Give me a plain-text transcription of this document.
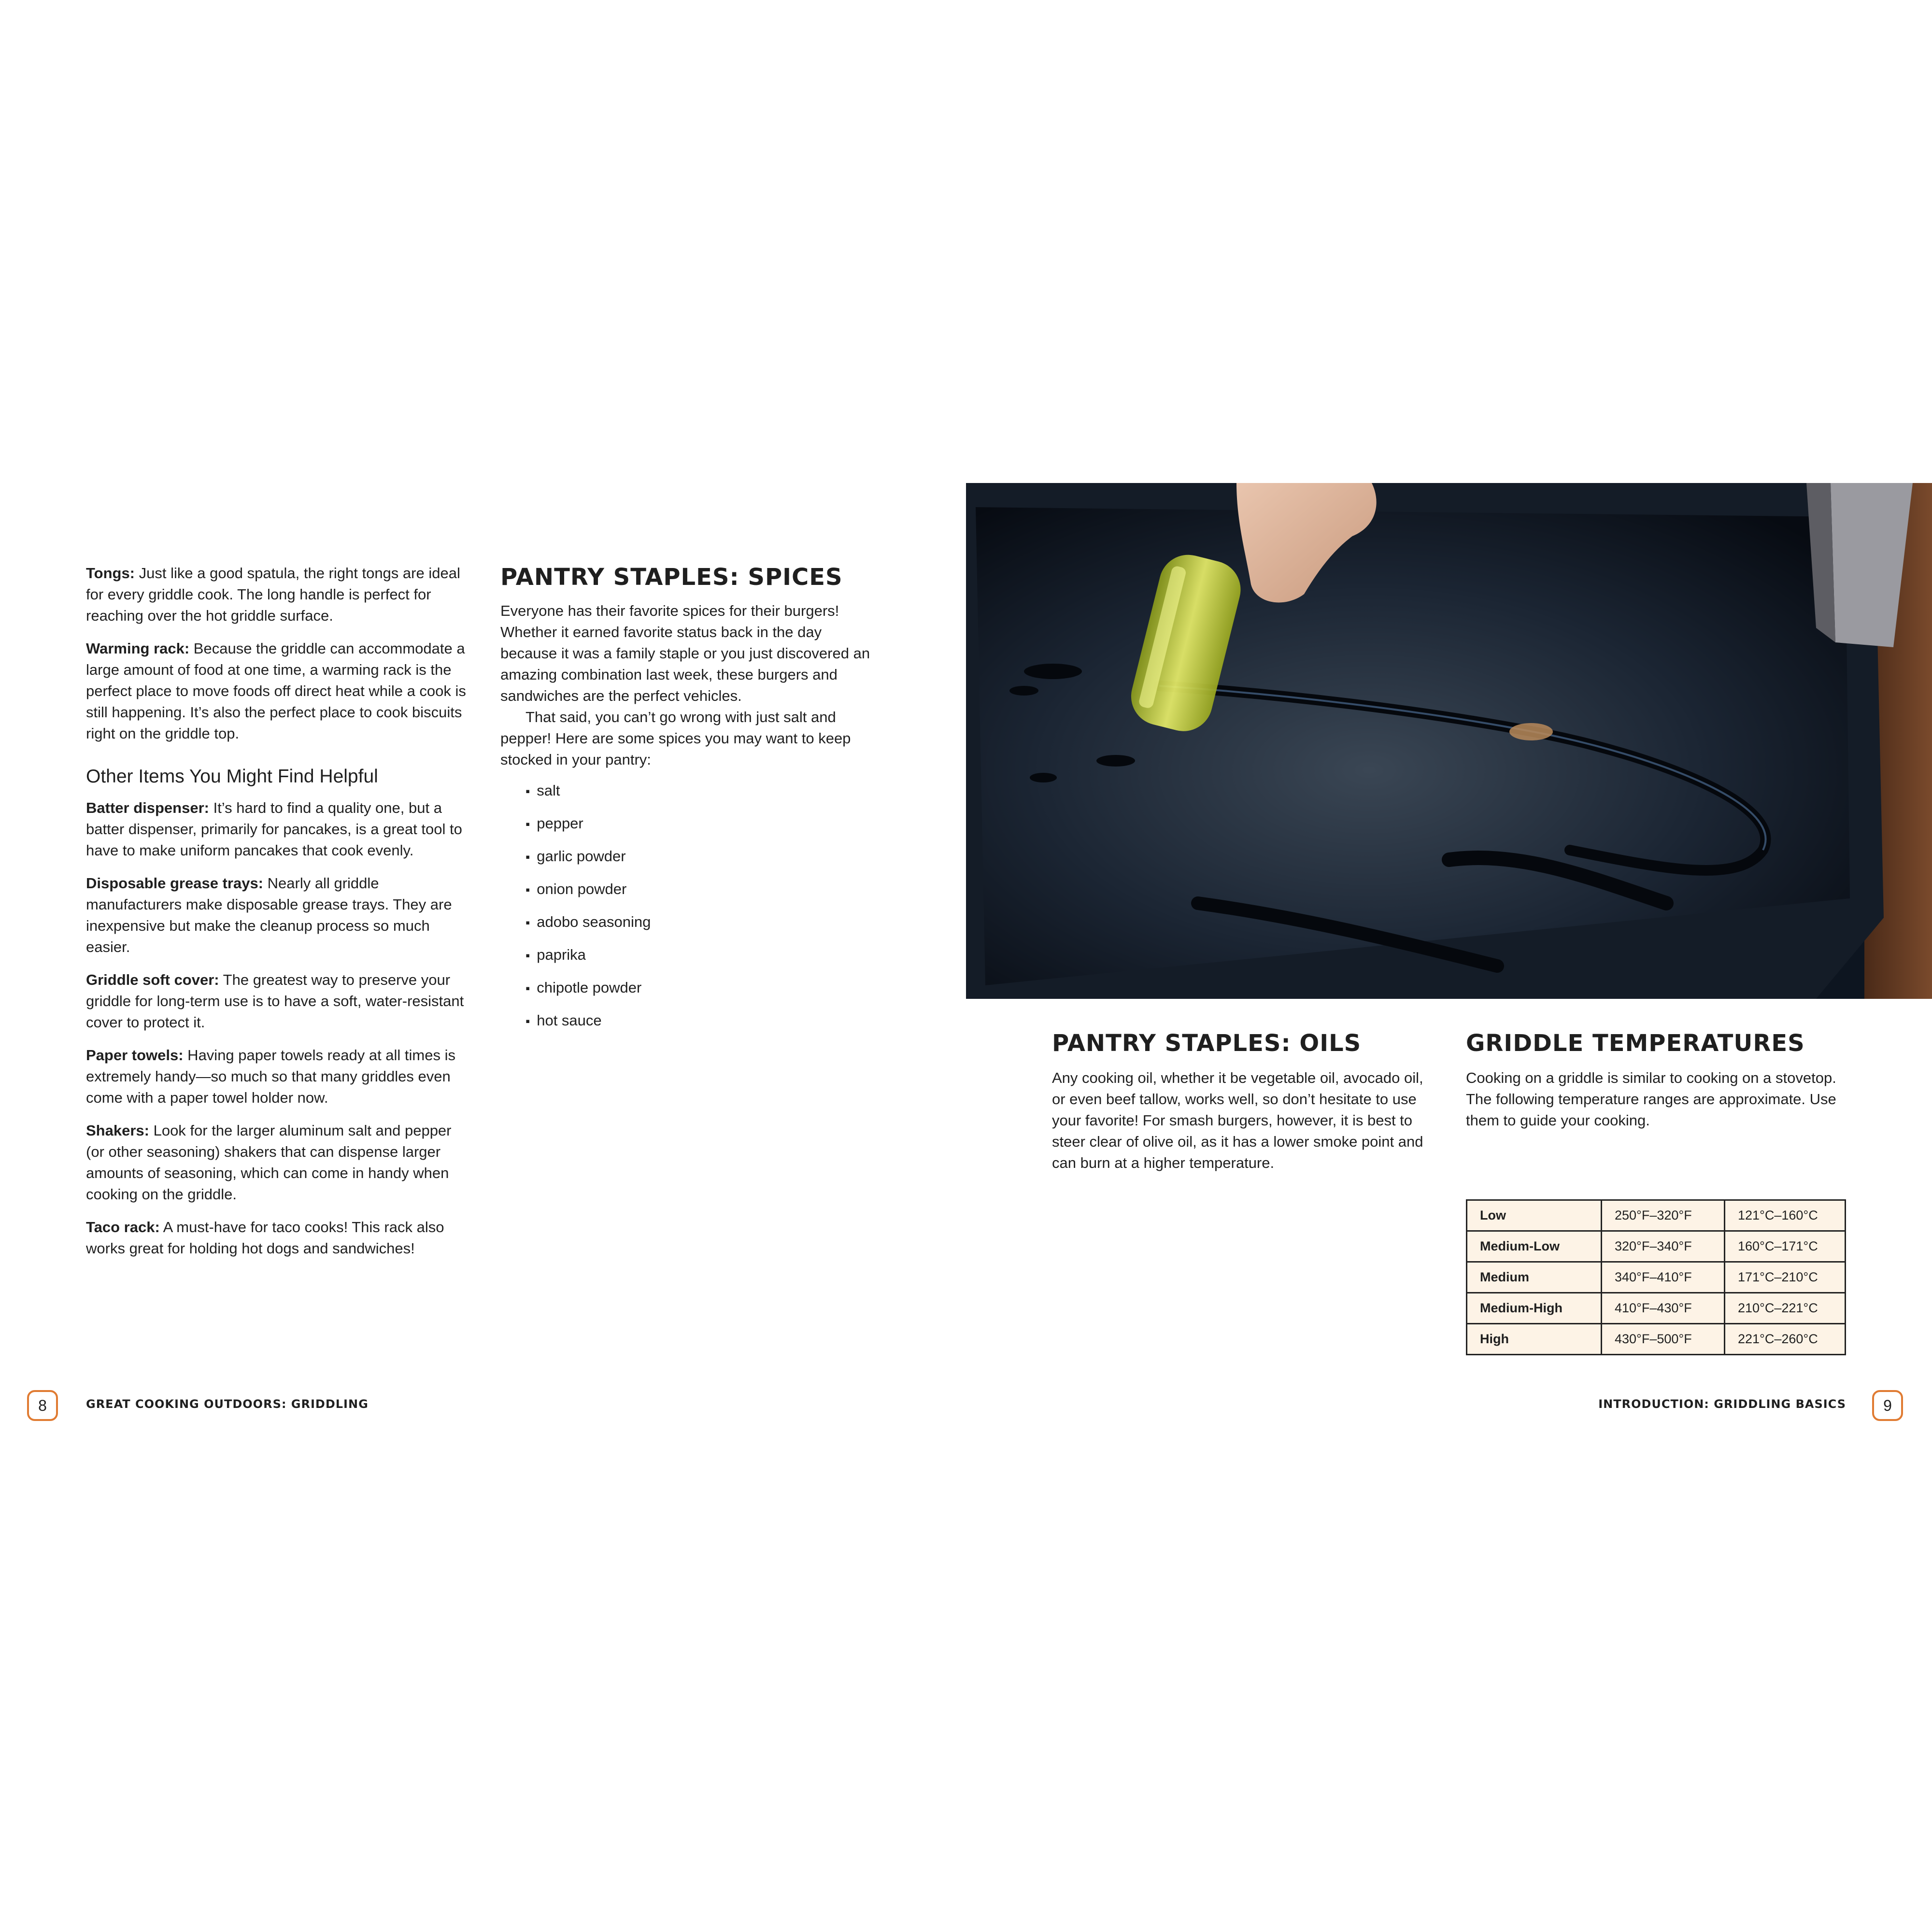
Tongs: Just like a good spatula, the right tongs are ideal for every griddle cook. The long handle is perfect for reaching over the hot griddle surface.

Warming rack: Because the griddle can accommodate a large amount of food at one time, a warming rack is the perfect place to move foods off direct heat while a cook is still happening. It’s also the perfect place to cook biscuits right on the griddle top.

Other Items You Might Find Helpful

Batter dispenser: It’s hard to find a quality one, but a batter dispenser, primarily for pancakes, is a great tool to have to make uniform pancakes that cook evenly.

Disposable grease trays: Nearly all griddle manufacturers make disposable grease trays. They are inexpensive but make the cleanup process so much easier.

Griddle soft cover: The greatest way to preserve your griddle for long-term use is to have a soft, water-resistant cover to protect it.

Paper towels: Having paper towels ready at all times is extremely handy—so much so that many griddles even come with a paper towel holder now.

Shakers: Look for the larger aluminum salt and pepper (or other seasoning) shakers that can dispense larger amounts of seasoning, which can come in handy when cooking on the griddle.

Taco rack: A must-have for taco cooks! This rack also works great for holding hot dogs and sandwiches!

PANTRY STAPLES: SPICES

Everyone has their favorite spices for their burgers! Whether it earned favorite status back in the day because it was a family staple or you just discovered an amazing combination last week, these burgers and sandwiches are the perfect vehicles.

That said, you can’t go wrong with just salt and pepper! Here are some spices you may want to keep stocked in your pantry:

▪ salt
▪ pepper
▪ garlic powder
▪ onion powder
▪ adobo seasoning
▪ paprika
▪ chipotle powder
▪ hot sauce
PANTRY STAPLES: OILS

Any cooking oil, whether it be vegetable oil, avocado oil, or even beef tallow, works well, so don’t hesitate to use your favorite! For smash burgers, however, it is best to steer clear of olive oil, as it has a lower smoke point and can burn at a higher temperature.

GRIDDLE TEMPERATURES

Cooking on a griddle is similar to cooking on a stovetop. The following temperature ranges are approximate. Use them to guide your cooking.

Low	250°F–320°F	121°C–160°C
Medium-Low	320°F–340°F	160°C–171°C
Medium	340°F–410°F	171°C–210°C
Medium-High	410°F–430°F	210°C–221°C
High	430°F–500°F	221°C–260°C
8	GREAT COOKING OUTDOORS: GRIDDLING	INTRODUCTION: GRIDDLING BASICS	9
